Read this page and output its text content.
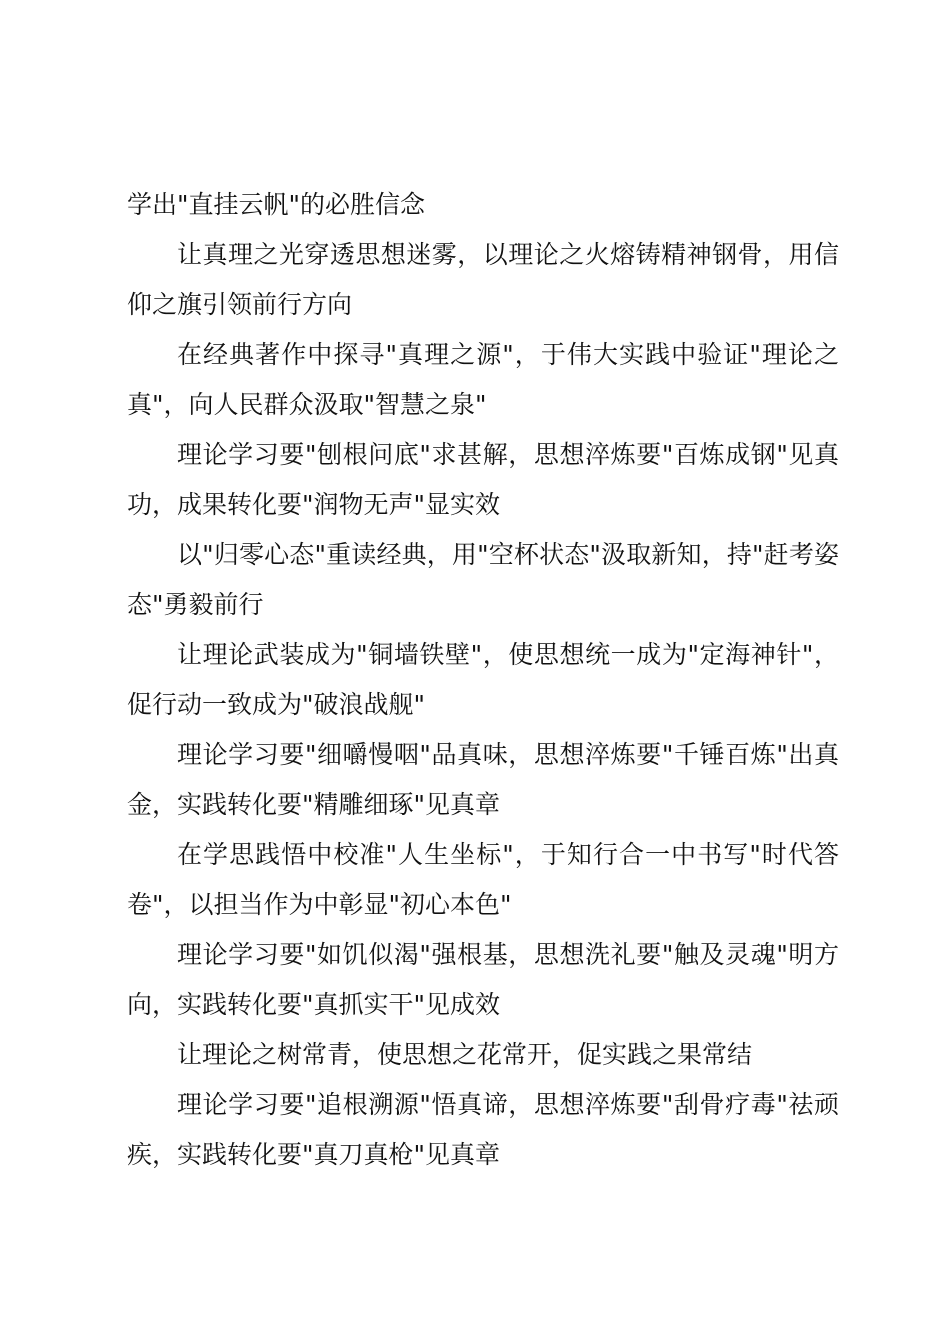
学出"直挂云帆"的必胜信念

让真理之光穿透思想迷雾，以理论之火熔铸精神钢骨，用信仰之旗引领前行方向

在经典著作中探寻"真理之源"，于伟大实践中验证"理论之真"，向人民群众汲取"智慧之泉"

理论学习要"刨根问底"求甚解，思想淬炼要"百炼成钢"见真功，成果转化要"润物无声"显实效

以"归零心态"重读经典，用"空杯状态"汲取新知，持"赶考姿态"勇毅前行

让理论武装成为"铜墙铁壁"，使思想统一成为"定海神针"，促行动一致成为"破浪战舰"

理论学习要"细嚼慢咽"品真味，思想淬炼要"千锤百炼"出真金，实践转化要"精雕细琢"见真章

在学思践悟中校准"人生坐标"，于知行合一中书写"时代答卷"，以担当作为中彰显"初心本色"

理论学习要"如饥似渴"强根基，思想洗礼要"触及灵魂"明方向，实践转化要"真抓实干"见成效

让理论之树常青，使思想之花常开，促实践之果常结

理论学习要"追根溯源"悟真谛，思想淬炼要"刮骨疗毒"祛顽疾，实践转化要"真刀真枪"见真章
